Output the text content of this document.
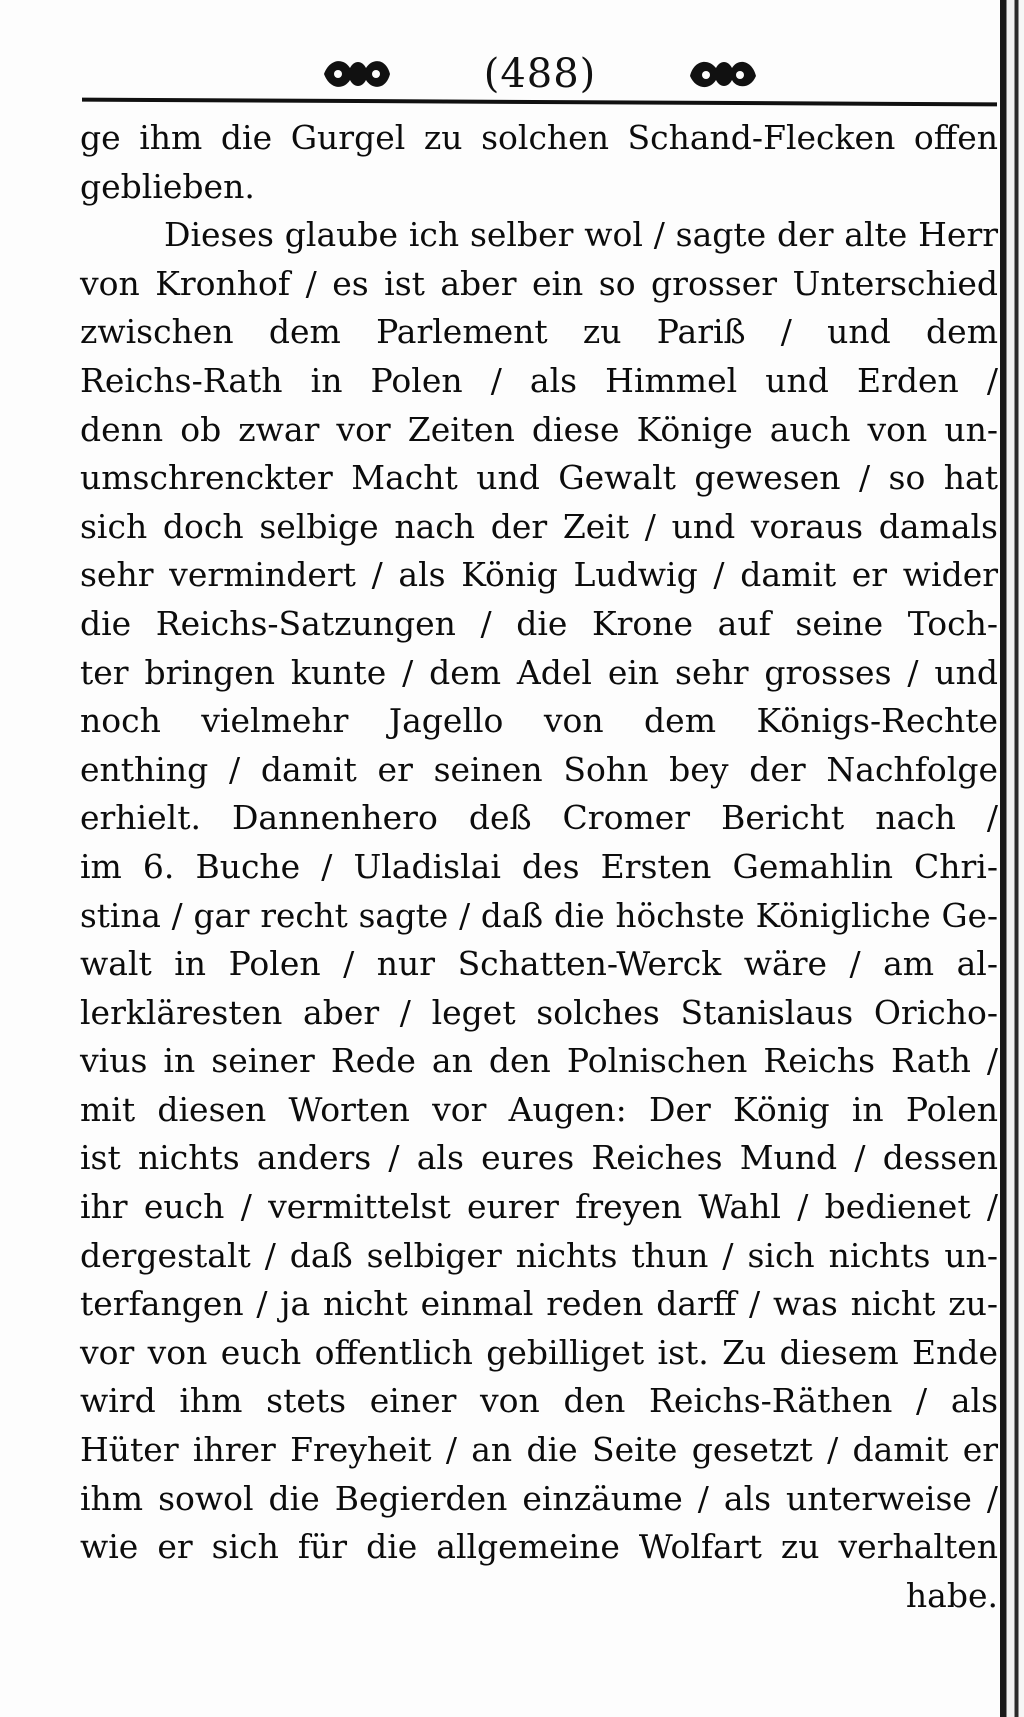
(488)
ge ihm die Gurgel zu solchen Schand-Flecken offen
geblieben.
Dieses glaube ich selber wol / sagte der alte Herr
von Kronhof / es ist aber ein so grosser Unterschied
zwischen dem Parlement zu Pariß / und dem
Reichs-Rath in Polen / als Himmel und Erden /
denn ob zwar vor Zeiten diese Könige auch von un-
umschrenckter Macht und Gewalt gewesen / so hat
sich doch selbige nach der Zeit / und voraus damals
sehr vermindert / als König Ludwig / damit er wider
die Reichs-Satzungen / die Krone auf seine Toch-
ter bringen kunte / dem Adel ein sehr grosses / und
noch vielmehr Jagello von dem Königs-Rechte
enthing / damit er seinen Sohn bey der Nachfolge
erhielt. Dannenhero deß Cromer Bericht nach /
im 6. Buche / Uladislai des Ersten Gemahlin Chri-
stina / gar recht sagte / daß die höchste Königliche Ge-
walt in Polen / nur Schatten-Werck wäre / am al-
lerkläresten aber / leget solches Stanislaus Oricho-
vius in seiner Rede an den Polnischen Reichs Rath /
mit diesen Worten vor Augen: Der König in Polen
ist nichts anders / als eures Reiches Mund / dessen
ihr euch / vermittelst eurer freyen Wahl / bedienet /
dergestalt / daß selbiger nichts thun / sich nichts un-
terfangen / ja nicht einmal reden darff / was nicht zu-
vor von euch offentlich gebilliget ist. Zu diesem Ende
wird ihm stets einer von den Reichs-Räthen / als
Hüter ihrer Freyheit / an die Seite gesetzt / damit er
ihm sowol die Begierden einzäume / als unterweise /
wie er sich für die allgemeine Wolfart zu verhalten
habe.
